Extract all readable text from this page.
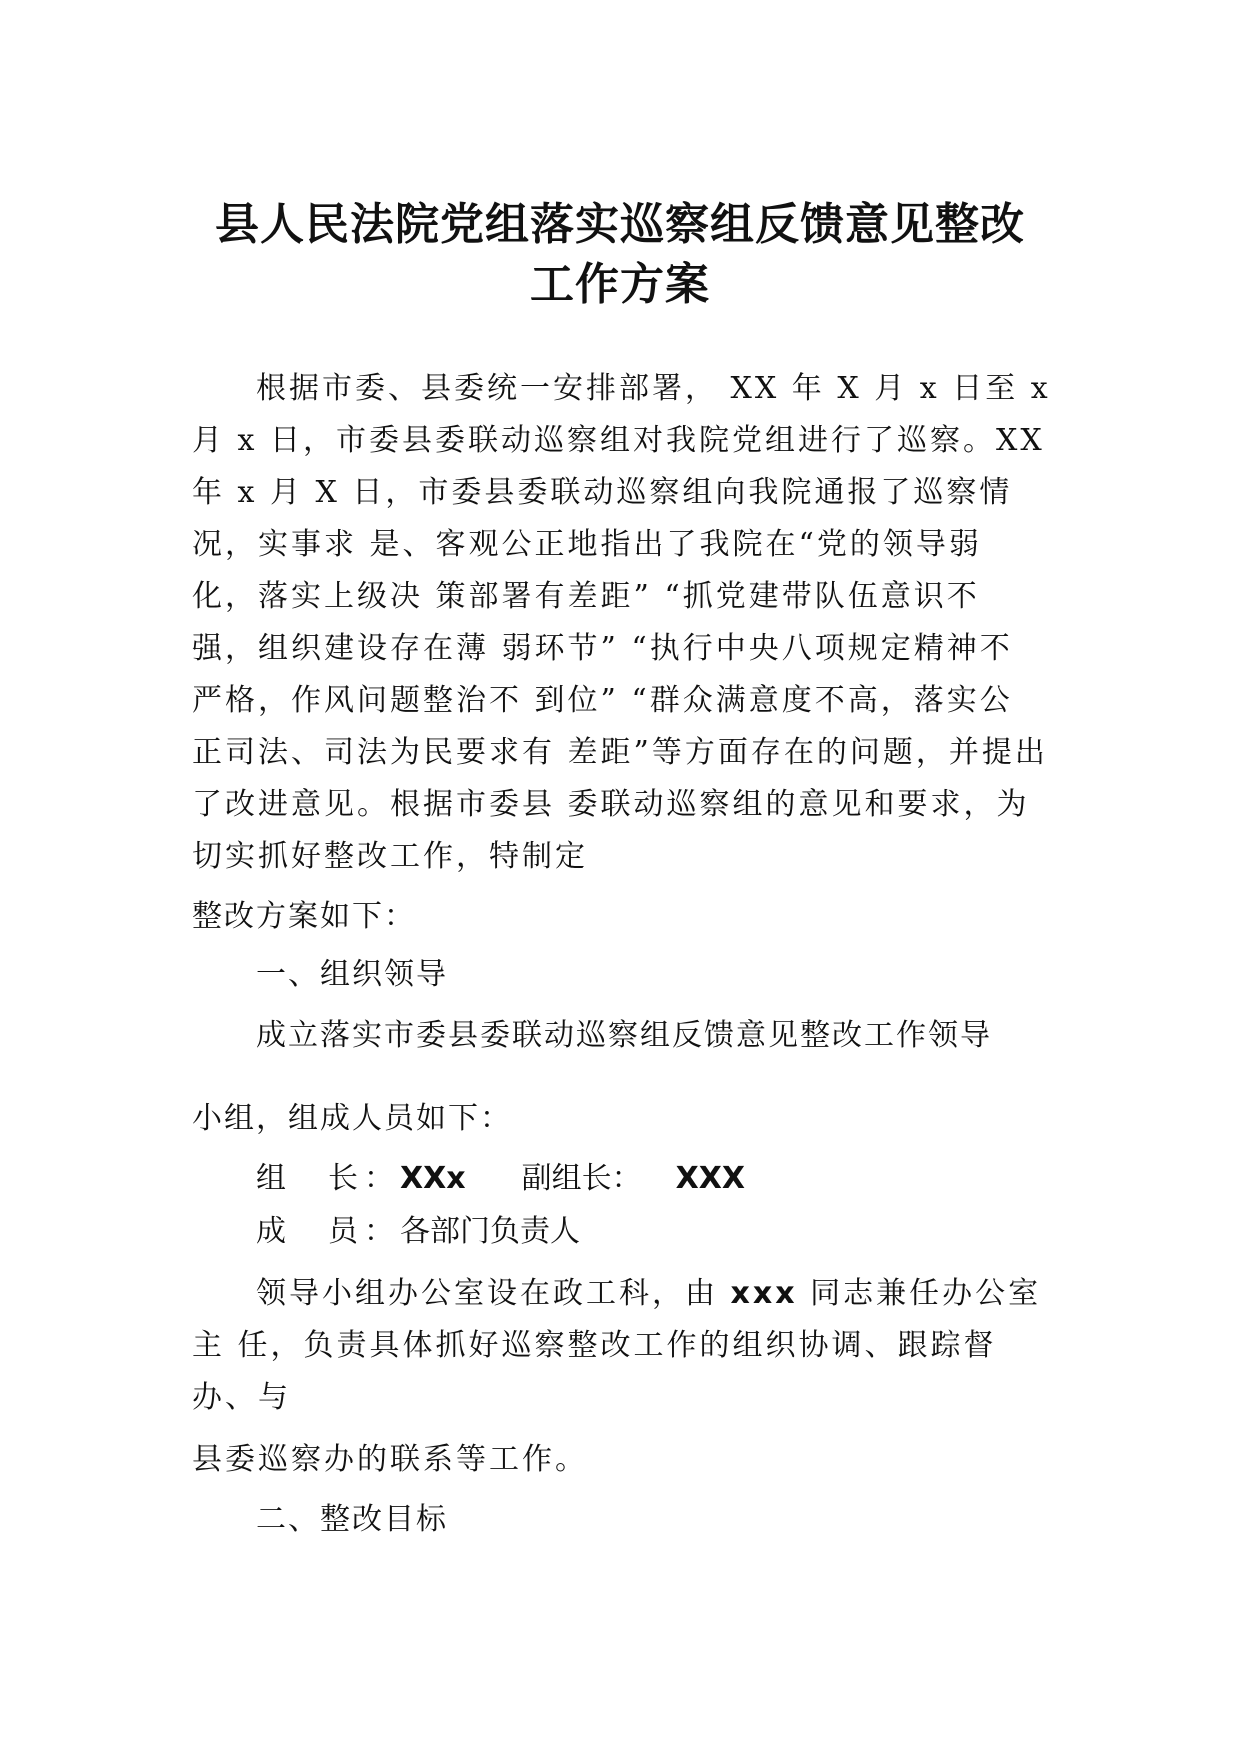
县人民法院党组落实巡察组反馈意见整改
工作方案
根据市委、县委统一安排部署， XX 年 X 月 x 日至 x
月 x 日，市委县委联动巡察组对我院党组进行了巡察。XX
年 x 月 X 日，市委县委联动巡察组向我院通报了巡察情
况，实事求 是、客观公正地指出了我院在“党的领导弱
化，落实上级决 策部署有差距” “抓党建带队伍意识不
强，组织建设存在薄 弱环节” “执行中央八项规定精神不
严格，作风问题整治不 到位” “群众满意度不高，落实公
正司法、司法为民要求有 差距”等方面存在的问题，并提出
了改进意见。根据市委县 委联动巡察组的意见和要求，为
切实抓好整改工作，特制定
整改方案如下：
一、组织领导
成立落实市委县委联动巡察组反馈意见整改工作领导
小组，组成人员如下：
组　长：XXx 副组长： XXX
成　员：各部门负责人
领导小组办公室设在政工科，由 xxx 同志兼任办公室
主 任，负责具体抓好巡察整改工作的组织协调、跟踪督
办、与
县委巡察办的联系等工作。
二、整改目标
